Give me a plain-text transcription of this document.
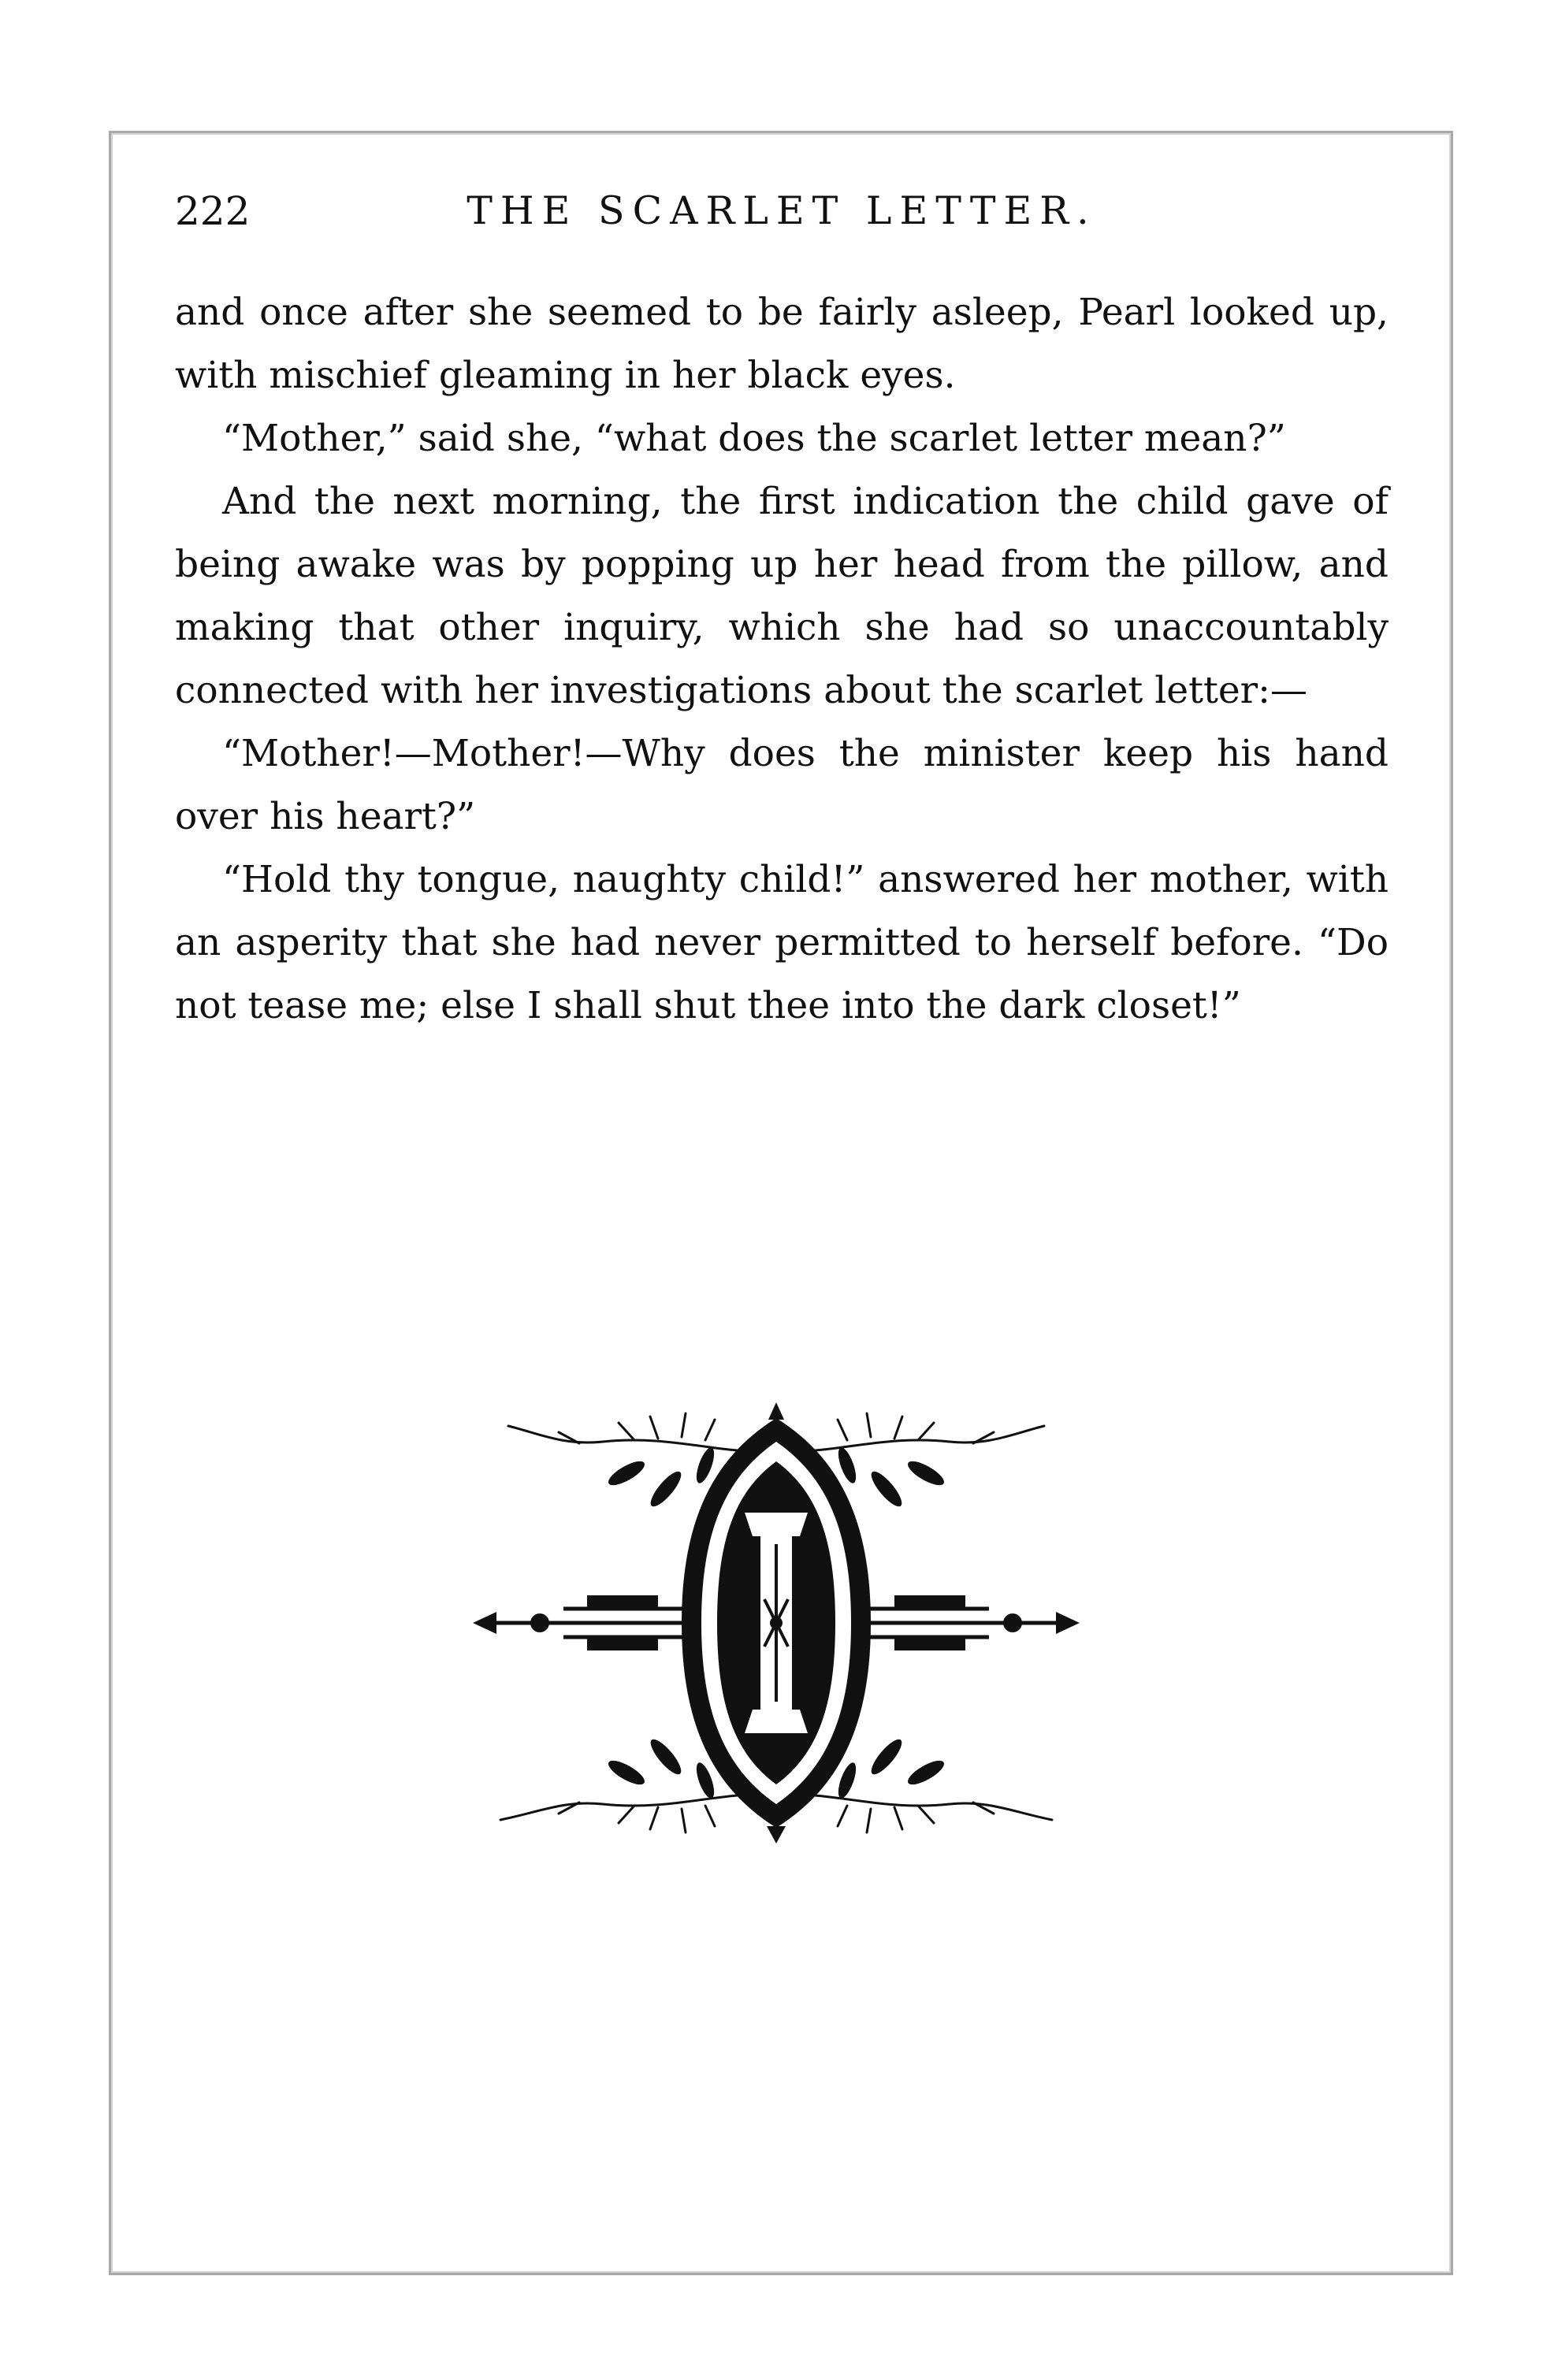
222	THE SCARLET LETTER.

and once after she seemed to be fairly asleep, Pearl looked up, with mischief gleaming in her black eyes.

“Mother,” said she, “what does the scarlet letter mean?”

And the next morning, the first indication the child gave of being awake was by popping up her head from the pillow, and making that other inquiry, which she had so unaccountably connected with her investigations about the scarlet letter:—

“Mother!—Mother!—Why does the minister keep his hand over his heart?”

“Hold thy tongue, naughty child!” answered her mother, with an asperity that she had never permitted to herself before. “Do not tease me; else I shall shut thee into the dark closet!”
